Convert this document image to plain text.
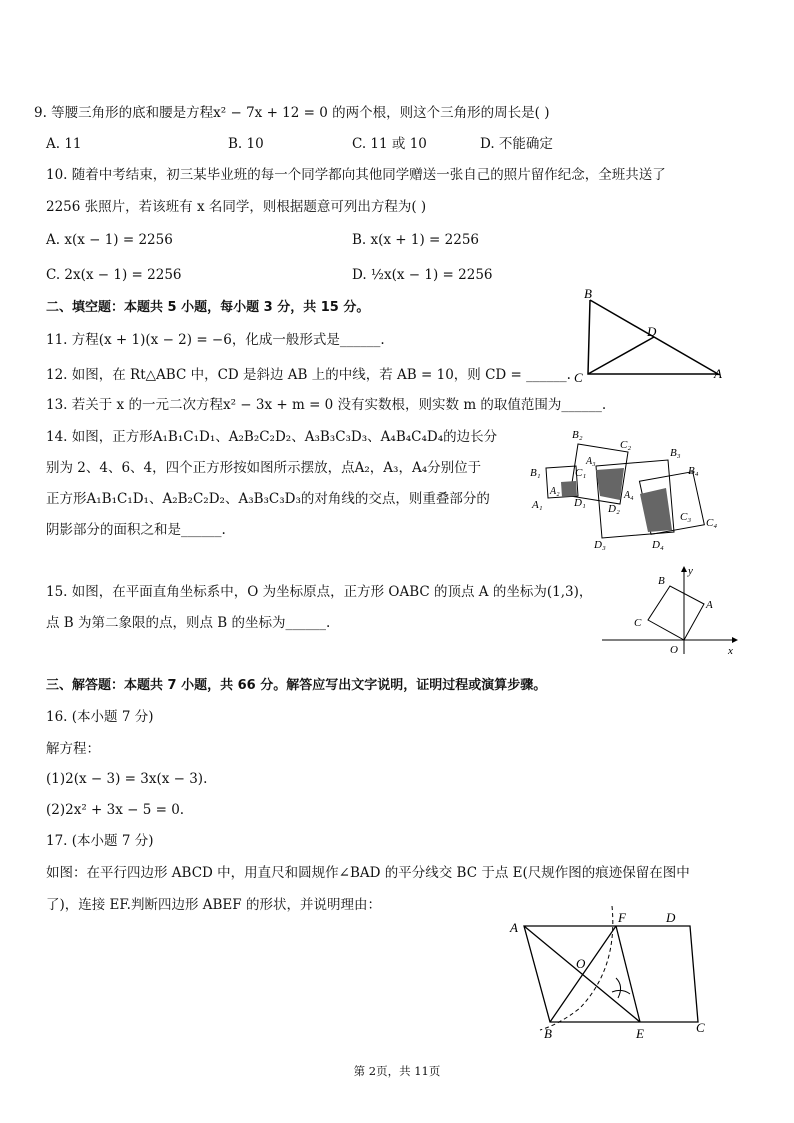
9. 等腰三角形的底和腰是方程x² − 7x + 12 = 0 的两个根，则这个三角形的周长是( )
A. 11	B. 10	C. 11 或 10	D. 不能确定
10. 随着中考结束，初三某毕业班的每一个同学都向其他同学赠送一张自己的照片留作纪念，全班共送了
2256 张照片，若该班有 x 名同学，则根据题意可列出方程为( )
A. x(x − 1) = 2256	B. x(x + 1) = 2256
C. 2x(x − 1) = 2256	D. ½x(x − 1) = 2256
二、填空题：本题共 5 小题，每小题 3 分，共 15 分。
11. 方程(x + 1)(x − 2) = −6，化成一般形式是______.
12. 如图，在 Rt△ABC 中，CD 是斜边 AB 上的中线，若 AB = 10，则 CD = ______.
13. 若关于 x 的一元二次方程x² − 3x + m = 0 没有实数根，则实数 m 的取值范围为______.
B
D
C	A
14. 如图，正方形A₁B₁C₁D₁、A₂B₂C₂D₂、A₃B₃C₃D₃、A₄B₄C₄D₄的边长分
别为 2、4、6、4，四个正方形按如图所示摆放，点A₂，A₃，A₄分别位于
正方形A₁B₁C₁D₁、A₂B₂C₂D₂、A₃B₃C₃D₃的对角线的交点，则重叠部分的
阴影部分的面积之和是______.
B₂
C₂
B₃
B₁
A₂
A₃
C₁	B₄
A₁	D₁ D₂
A₄
C₃ C₄
D₃	D₄
15. 如图，在平面直角坐标系中，O 为坐标原点，正方形 OABC 的顶点 A 的坐标为(1,3)，
点 B 为第二象限的点，则点 B 的坐标为______.
B
A
C
O	x
y
三、解答题：本题共 7 小题，共 66 分。解答应写出文字说明，证明过程或演算步骤。
16. (本小题 7 分)
解方程：
(1)2(x − 3) = 3x(x − 3).
(2)2x² + 3x − 5 = 0.
17. (本小题 7 分)
如图：在平行四边形 ABCD 中，用直尺和圆规作∠BAD 的平分线交 BC 于点 E(尺规作图的痕迹保留在图中
了)，连接 EF.判断四边形 ABEF 的形状，并说明理由：
A
F	D
O
B	E	C
第 2页，共 11页
